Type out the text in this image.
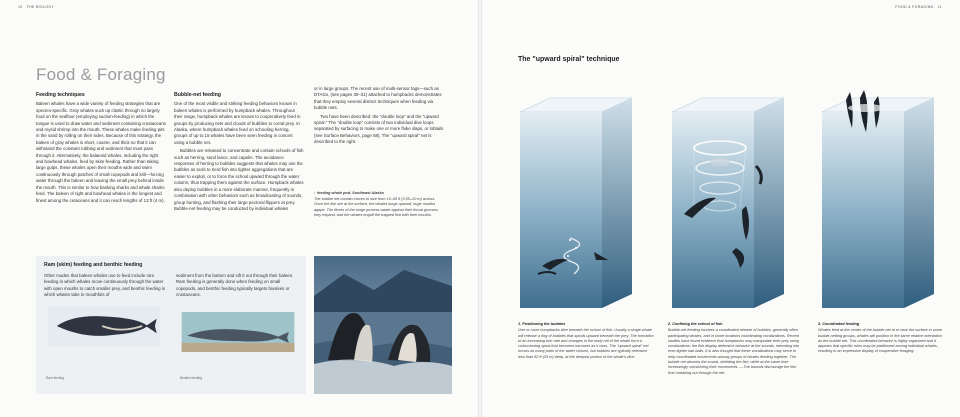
10 THE BIOLOGY
Food & Foraging
Feeding techniques

Baleen whales have a wide variety of feeding strategies that are species-specific. Gray whales suck up clastic through so largely food on the seafloor (employing suction-feeding) in which the tongue is used to draw water and sediment containing crustaceans and mysid shrimp into the mouth. These whales make feeding pits in the sand by rolling on their sides. Because of this strategy, the baleen of gray whales is short, coarse, and thick so that it can withstand the constant rubbing and sediment that must pass through it. Alternatively, the balaenid whales, including the right and bowhead whales, feed by skim-feeding. Rather than taking large gulps, these whales open their mouths wide and swim continuously through patches of small copepods and krill—forcing water through the baleen and leaving the small prey behind inside the mouth. This is similar to how basking sharks and whale sharks feed. The baleen of right and bowhead whales is the longest and finest among the cetaceans and it can reach lengths of 13 ft (4 m).

Bubble-net feeding

One of the most visible and striking feeding behaviors known in baleen whales is performed by humpback whales. Throughout their range, humpback whales are known to cooperatively feed in groups by producing nets and clouds of bubbles to corral prey. In Alaska, where humpback whales feed on schooling herring, groups of up to 15 whales have been seen feeding in concert using a bubble net.

Bubbles are released to concentrate and contain schools of fish such as herring, sand lance, and capelin. The avoidance responses of herring to bubbles suggests that whales may use the bubbles as tools to herd fish into tighter aggregations that are easier to exploit, or to force the school upward through the water column, thus trapping them against the surface. Humpback whales also deploy bubbles in a more elaborate manner, frequently in combination with other behaviors such as broadcasting of sounds, group hunting, and flashing their large pectoral flippers at prey. Bubble-net feeding may be conducted by individual whales

or in large groups. The recent use of multi-sensor tags—such as DTAGs, (see pages 30–31) attached to humpbacks demonstrates that they employ several distinct techniques when feeding via bubble nets.

Two have been described: the "double loop" and the "upward spiral." The "double loop" consists of two individual dive loops separated by surfacing to make one or more fluke slaps, or lobtails (see Surface Behaviors, page 58). The "upward spiral" net is described to the right.

↑ feeding whale pod, Southeast Alaska
The bubble net contain moves to size from 10–65 ft (3.05–20 m) across. Once the fish are at the surface, the whales lunge upward, huge mouths agape. The flexes of the lunge process waste against their throat grooves; they expand, and the whales engulf the trapped fish with their mouths.
Ram (skim) feeding and benthic feeding
Other modes that baleen whales use to feed include ram feeding in which whales move continuously through the water with open mouths to catch smaller prey, and benthic feeding in which whales take in mouthfuls of
sediment from the bottom and sift it out through their baleen. Ram feeding is generally done when feeding on small copepods, and benthic feeding typically targets bivalves or crustaceans.
Ram feeding	Benthic feeding
FOOD & FORAGING 11
The "upward spiral" technique
1. Positioning the bubbles
One or more humpbacks dive beneath the school of fish. Usually a single whale will release a ring of bubbles that spirals upward beneath the prey. The formation of an increasing turn rate and changes in the body roll of the whale form a corkscrewing spiral that becomes narrower as it rises. The "upward spiral" net occurs as many parts of the water column, but bubbles are typically released less than 82 ft (25 m) deep, at the deepest portion of the whale's dive.
2. Confining the school of fish
Bubble-net feeding involves a coordinated release of bubbles, generally often participating whales, and in some locations coordinating vocalizations. Recent studies have found evidence that humpbacks may manipulate their prey using vocalizations: the fish display defensive behavior at the sounds, retreating into ever-tighter bait balls. It is also thought that these vocalizations may serve to help coordinated movements among groups of whales feeding together. The bubble net absorbs the sound, shielding the fish, while at the same time increasingly constricting their movements. —The bounds discourage the fish from breaking out through the net.
3. Coordinated feeding
Whales feed at the center of the bubble net at or near the surface in some bubble-netting groups, whales will position in the same relative orientation as the bubble net. This coordinated behavior is highly organized and it appears that specific roles may be partitioned among individual whales, resulting in an impressive display of cooperative foraging.
